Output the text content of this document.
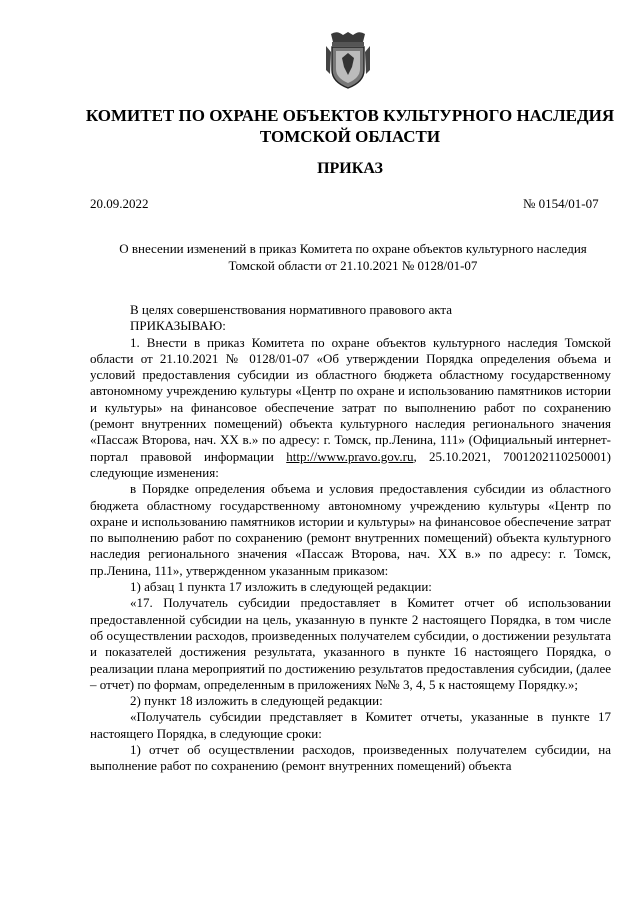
КОМИТЕТ ПО ОХРАНЕ ОБЪЕКТОВ КУЛЬТУРНОГО НАСЛЕДИЯ
ТОМСКОЙ ОБЛАСТИ
ПРИКАЗ
20.09.2022	№ 0154/01-07
О внесении изменений в приказ Комитета по охране объектов культурного наследия
Томской области от 21.10.2021 № 0128/01-07

В целях совершенствования нормативного правового акта

ПРИКАЗЫВАЮ:

1. Внести в приказ Комитета по охране объектов культурного наследия Томской области от 21.10.2021 № 0128/01-07 «Об утверждении Порядка определения объема и условий предоставления субсидии из областного бюджета областному государственному автономному учреждению культуры «Центр по охране и использованию памятников истории и культуры» на финансовое обеспечение затрат по выполнению работ по сохранению (ремонт внутренних помещений) объекта культурного наследия регионального значения «Пассаж Второва, нач. XX в.» по адресу: г. Томск, пр.Ленина, 111» (Официальный интернет-портал правовой информации http://www.pravo.gov.ru, 25.10.2021, 7001202110250001) следующие изменения:

в Порядке определения объема и условия предоставления субсидии из областного бюджета областному государственному автономному учреждению культуры «Центр по охране и использованию памятников истории и культуры» на финансовое обеспечение затрат по выполнению работ по сохранению (ремонт внутренних помещений) объекта культурного наследия регионального значения «Пассаж Второва, нач. XX в.» по адресу: г. Томск, пр.Ленина, 111», утвержденном указанным приказом:

1) абзац 1 пункта 17 изложить в следующей редакции:

«17. Получатель субсидии предоставляет в Комитет отчет об использовании предоставленной субсидии на цель, указанную в пункте 2 настоящего Порядка, в том числе об осуществлении расходов, произведенных получателем субсидии, о достижении результата и показателей достижения результата, указанного в пункте 16 настоящего Порядка, о реализации плана мероприятий по достижению результатов предоставления субсидии, (далее – отчет) по формам, определенным в приложениях №№ 3, 4, 5 к настоящему Порядку.»;

2) пункт 18 изложить в следующей редакции:

«Получатель субсидии представляет в Комитет отчеты, указанные в пункте 17 настоящего Порядка, в следующие сроки:

1) отчет об осуществлении расходов, произведенных получателем субсидии, на выполнение работ по сохранению (ремонт внутренних помещений) объекта
